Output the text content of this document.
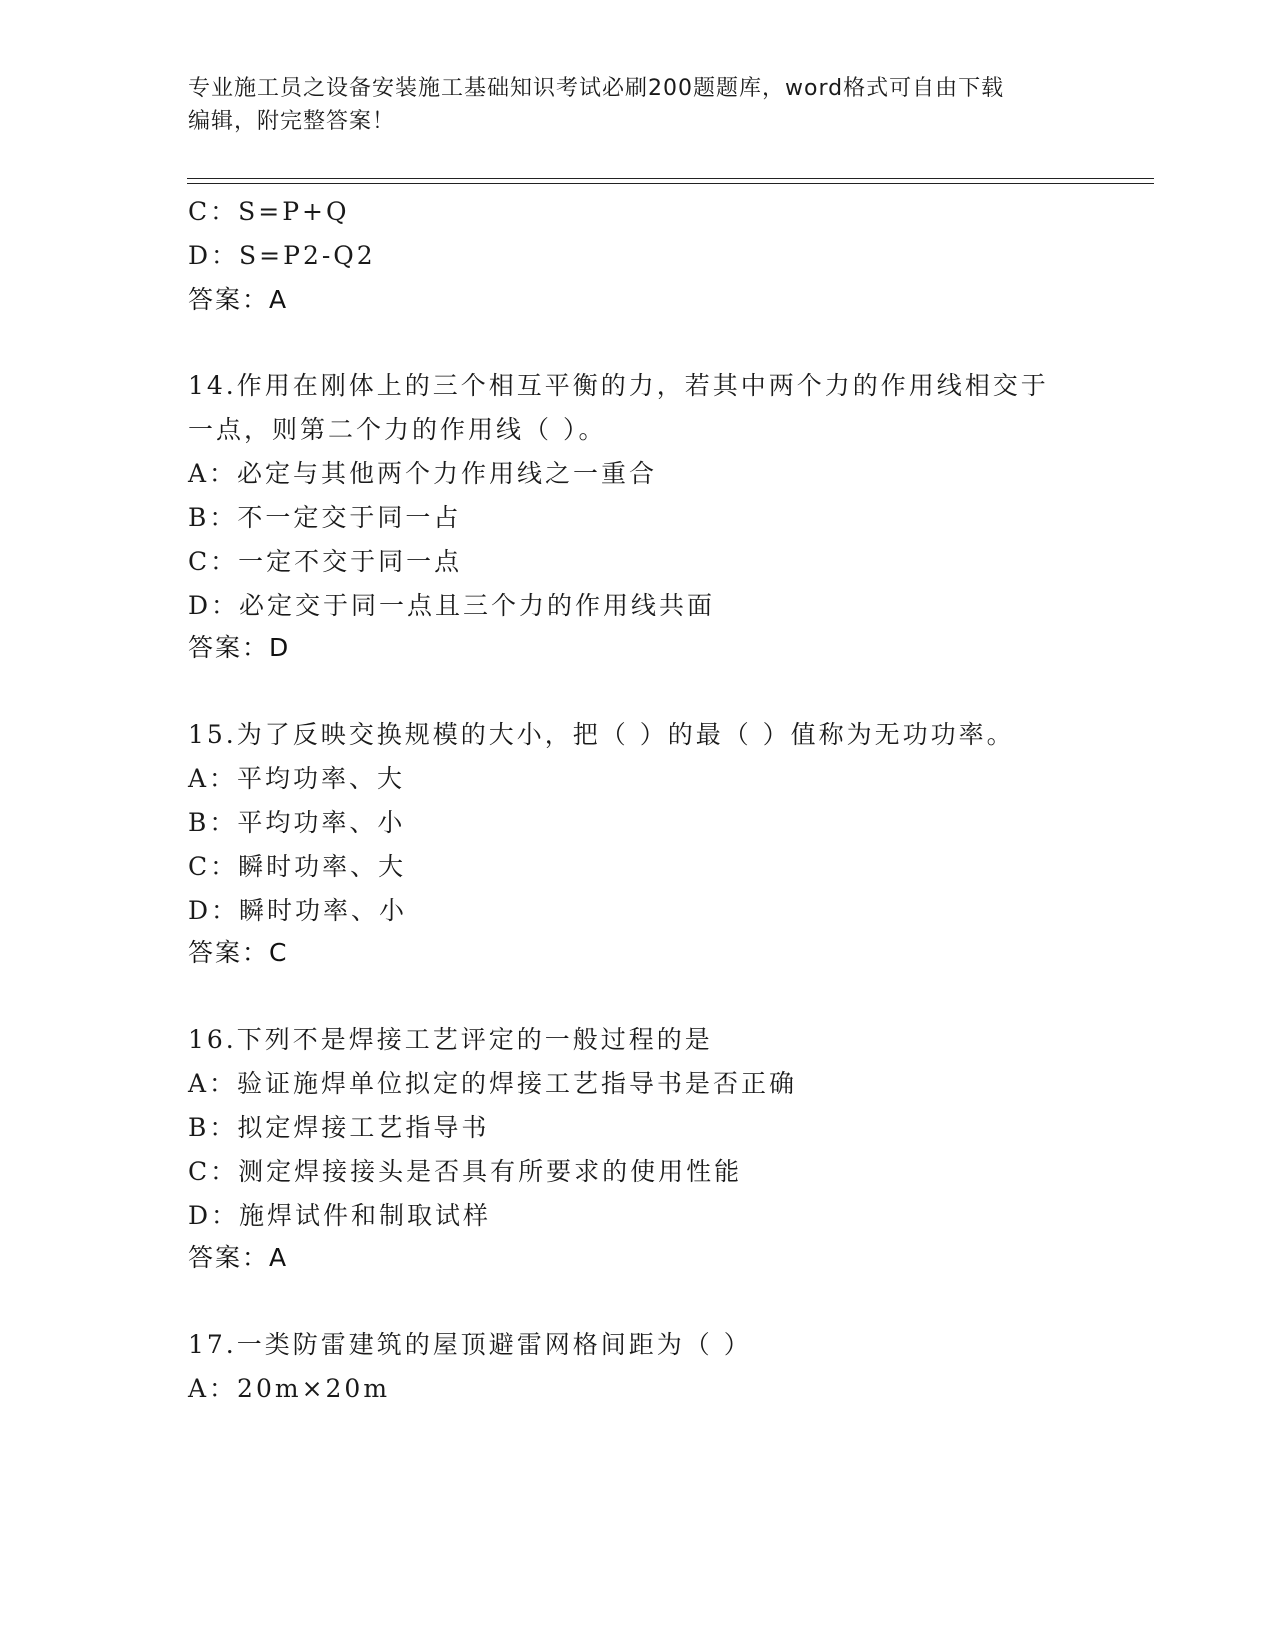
专业施工员之设备安装施工基础知识考试必刷200题题库，word格式可自由下载
编辑，附完整答案！
C：S=P+Q
D：S=P2-Q2
答案：A
14.作用在刚体上的三个相互平衡的力，若其中两个力的作用线相交于
一点，则第二个力的作用线（ ）。
A：必定与其他两个力作用线之一重合
B：不一定交于同一占
C：一定不交于同一点
D：必定交于同一点且三个力的作用线共面
答案：D
15.为了反映交换规模的大小，把（ ）的最（ ）值称为无功功率。
A：平均功率、大
B：平均功率、小
C：瞬时功率、大
D：瞬时功率、小
答案：C
16.下列不是焊接工艺评定的一般过程的是
A：验证施焊单位拟定的焊接工艺指导书是否正确
B：拟定焊接工艺指导书
C：测定焊接接头是否具有所要求的使用性能
D：施焊试件和制取试样
答案：A
17.一类防雷建筑的屋顶避雷网格间距为（ ）
A：20m×20m
